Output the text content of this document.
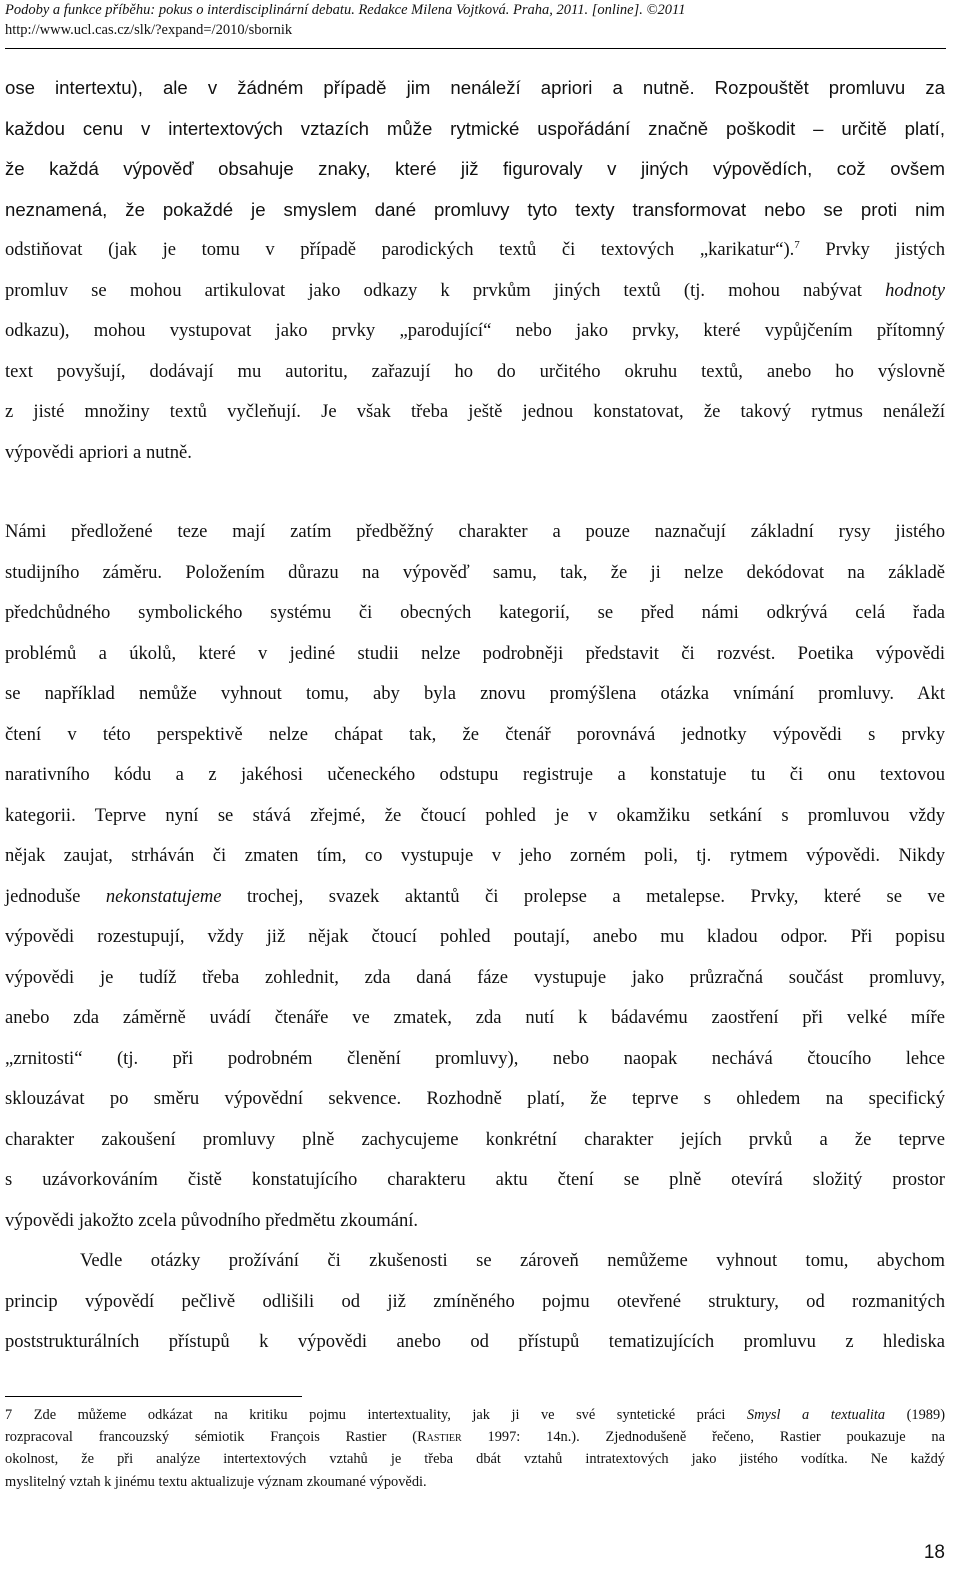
Podoby a funkce příběhu: pokus o interdisciplinární debatu. Redakce Milena Vojtková. Praha, 2011. [online]. ©2011
http://www.ucl.cas.cz/slk/?expand=/2010/sbornik
ose intertextu), ale v žádném případě jim nenáleží apriori a nutně. Rozpouštět promluvu za
každou cenu v intertextových vztazích může rytmické uspořádání značně poškodit – určitě platí,
že každá výpověď obsahuje znaky, které již figurovaly v jiných výpovědích, což ovšem
neznamená, že pokaždé je smyslem dané promluvy tyto texty transformovat nebo se proti nim
odstiňovat (jak je tomu v případě parodických textů či textových „karikatur“).$^7$ Prvky jistých
promluv se mohou artikulovat jako odkazy k prvkům jiných textů (tj. mohou nabývat hodnoty
odkazu), mohou vystupovat jako prvky „parodující“ nebo jako prvky, které vypůjčením přítomný
text povyšují, dodávají mu autoritu, zařazují ho do určitého okruhu textů, anebo ho výslovně
z jisté množiny textů vyčleňují. Je však třeba ještě jednou konstatovat, že takový rytmus nenáleží
výpovědi apriori a nutně.
Námi předložené teze mají zatím předběžný charakter a pouze naznačují základní rysy jistého
studijního záměru. Položením důrazu na výpověď samu, tak, že ji nelze dekódovat na základě
předchůdného symbolického systému či obecných kategorií, se před námi odkrývá celá řada
problémů a úkolů, které v jediné studii nelze podrobněji představit či rozvést. Poetika výpovědi
se například nemůže vyhnout tomu, aby byla znovu promýšlena otázka vnímání promluvy. Akt
čtení v této perspektivě nelze chápat tak, že čtenář porovnává jednotky výpovědi s prvky
narativního kódu a z jakéhosi učeneckého odstupu registruje a konstatuje tu či onu textovou
kategorii. Teprve nyní se stává zřejmé, že čtoucí pohled je v okamžiku setkání s promluvou vždy
nějak zaujat, strháván či zmaten tím, co vystupuje v jeho zorném poli, tj. rytmem výpovědi. Nikdy
jednoduše nekonstatujeme trochej, svazek aktantů či prolepse a metalepse. Prvky, které se ve
výpovědi rozestupují, vždy již nějak čtoucí pohled poutají, anebo mu kladou odpor. Při popisu
výpovědi je tudíž třeba zohlednit, zda daná fáze vystupuje jako průzračná součást promluvy,
anebo zda záměrně uvádí čtenáře ve zmatek, zda nutí k bádavému zaostření při velké míře
„zrnitosti“ (tj. při podrobném členění promluvy), nebo naopak nechává čtoucího lehce
sklouzávat po směru výpovědní sekvence. Rozhodně platí, že teprve s ohledem na specifický
charakter zakoušení promluvy plně zachycujeme konkrétní charakter jejích prvků a že teprve
s uzávorkováním čistě konstatujícího charakteru aktu čtení se plně otevírá složitý prostor
výpovědi jakožto zcela původního předmětu zkoumání.
Vedle otázky prožívání či zkušenosti se zároveň nemůžeme vyhnout tomu, abychom
princip výpovědí pečlivě odlišili od již zmíněného pojmu otevřené struktury, od rozmanitých
poststrukturálních přístupů k výpovědi anebo od přístupů tematizujících promluvu z hlediska
7 Zde můžeme odkázat na kritiku pojmu intertextuality, jak ji ve své syntetické práci Smysl a textualita (1989)
rozpracoval francouzský sémiotik François Rastier (Rastier 1997: 14n.). Zjednodušeně řečeno, Rastier poukazuje na
okolnost, že při analýze intertextových vztahů je třeba dbát vztahů intratextových jako jistého vodítka. Ne každý
myslitelný vztah k jinému textu aktualizuje význam zkoumané výpovědi.
18
